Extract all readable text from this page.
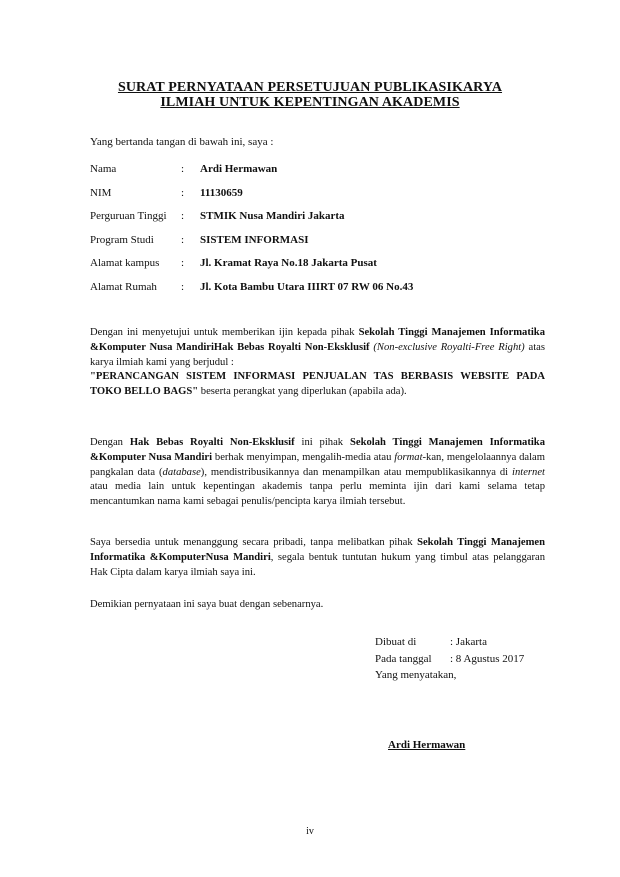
SURAT PERNYATAAN PERSETUJUAN PUBLIKASIKARYA
ILMIAH UNTUK KEPENTINGAN AKADEMIS
Yang bertanda tangan di bawah ini, saya :
Nama	: Ardi Hermawan
NIM	: 11130659
Perguruan Tinggi : STMIK Nusa Mandiri Jakarta
Program Studi : SISTEM INFORMASI
Alamat kampus : Jl. Kramat Raya No.18 Jakarta Pusat
Alamat Rumah : Jl. Kota Bambu Utara IIIRT 07 RW 06 No.43
Dengan ini menyetujui untuk memberikan ijin kepada pihak Sekolah Tinggi Manajemen Informatika &Komputer Nusa MandiriHak Bebas Royalti Non-Eksklusif (Non-exclusive Royalti-Free Right) atas karya ilmiah kami yang berjudul :
"PERANCANGAN SISTEM INFORMASI PENJUALAN TAS BERBASIS WEBSITE PADA TOKO BELLO BAGS" beserta perangkat yang diperlukan (apabila ada).
Dengan Hak Bebas Royalti Non-Eksklusif ini pihak Sekolah Tinggi Manajemen Informatika &Komputer Nusa Mandiri berhak menyimpan, mengalih-media atau format-kan, mengelolaannya dalam pangkalan data (database), mendistribusikannya dan menampilkan atau mempublikasikannya di internet atau media lain untuk kepentingan akademis tanpa perlu meminta ijin dari kami selama tetap mencantumkan nama kami sebagai penulis/pencipta karya ilmiah tersebut.
Saya bersedia untuk menanggung secara pribadi, tanpa melibatkan pihak Sekolah Tinggi Manajemen Informatika &KomputerNusa Mandiri, segala bentuk tuntutan hukum yang timbul atas pelanggaran Hak Cipta dalam karya ilmiah saya ini.
Demikian pernyataan ini saya buat dengan sebenarnya.
Dibuat di	: Jakarta
Pada tanggal : 8 Agustus 2017
Yang menyatakan,
Ardi Hermawan
iv
